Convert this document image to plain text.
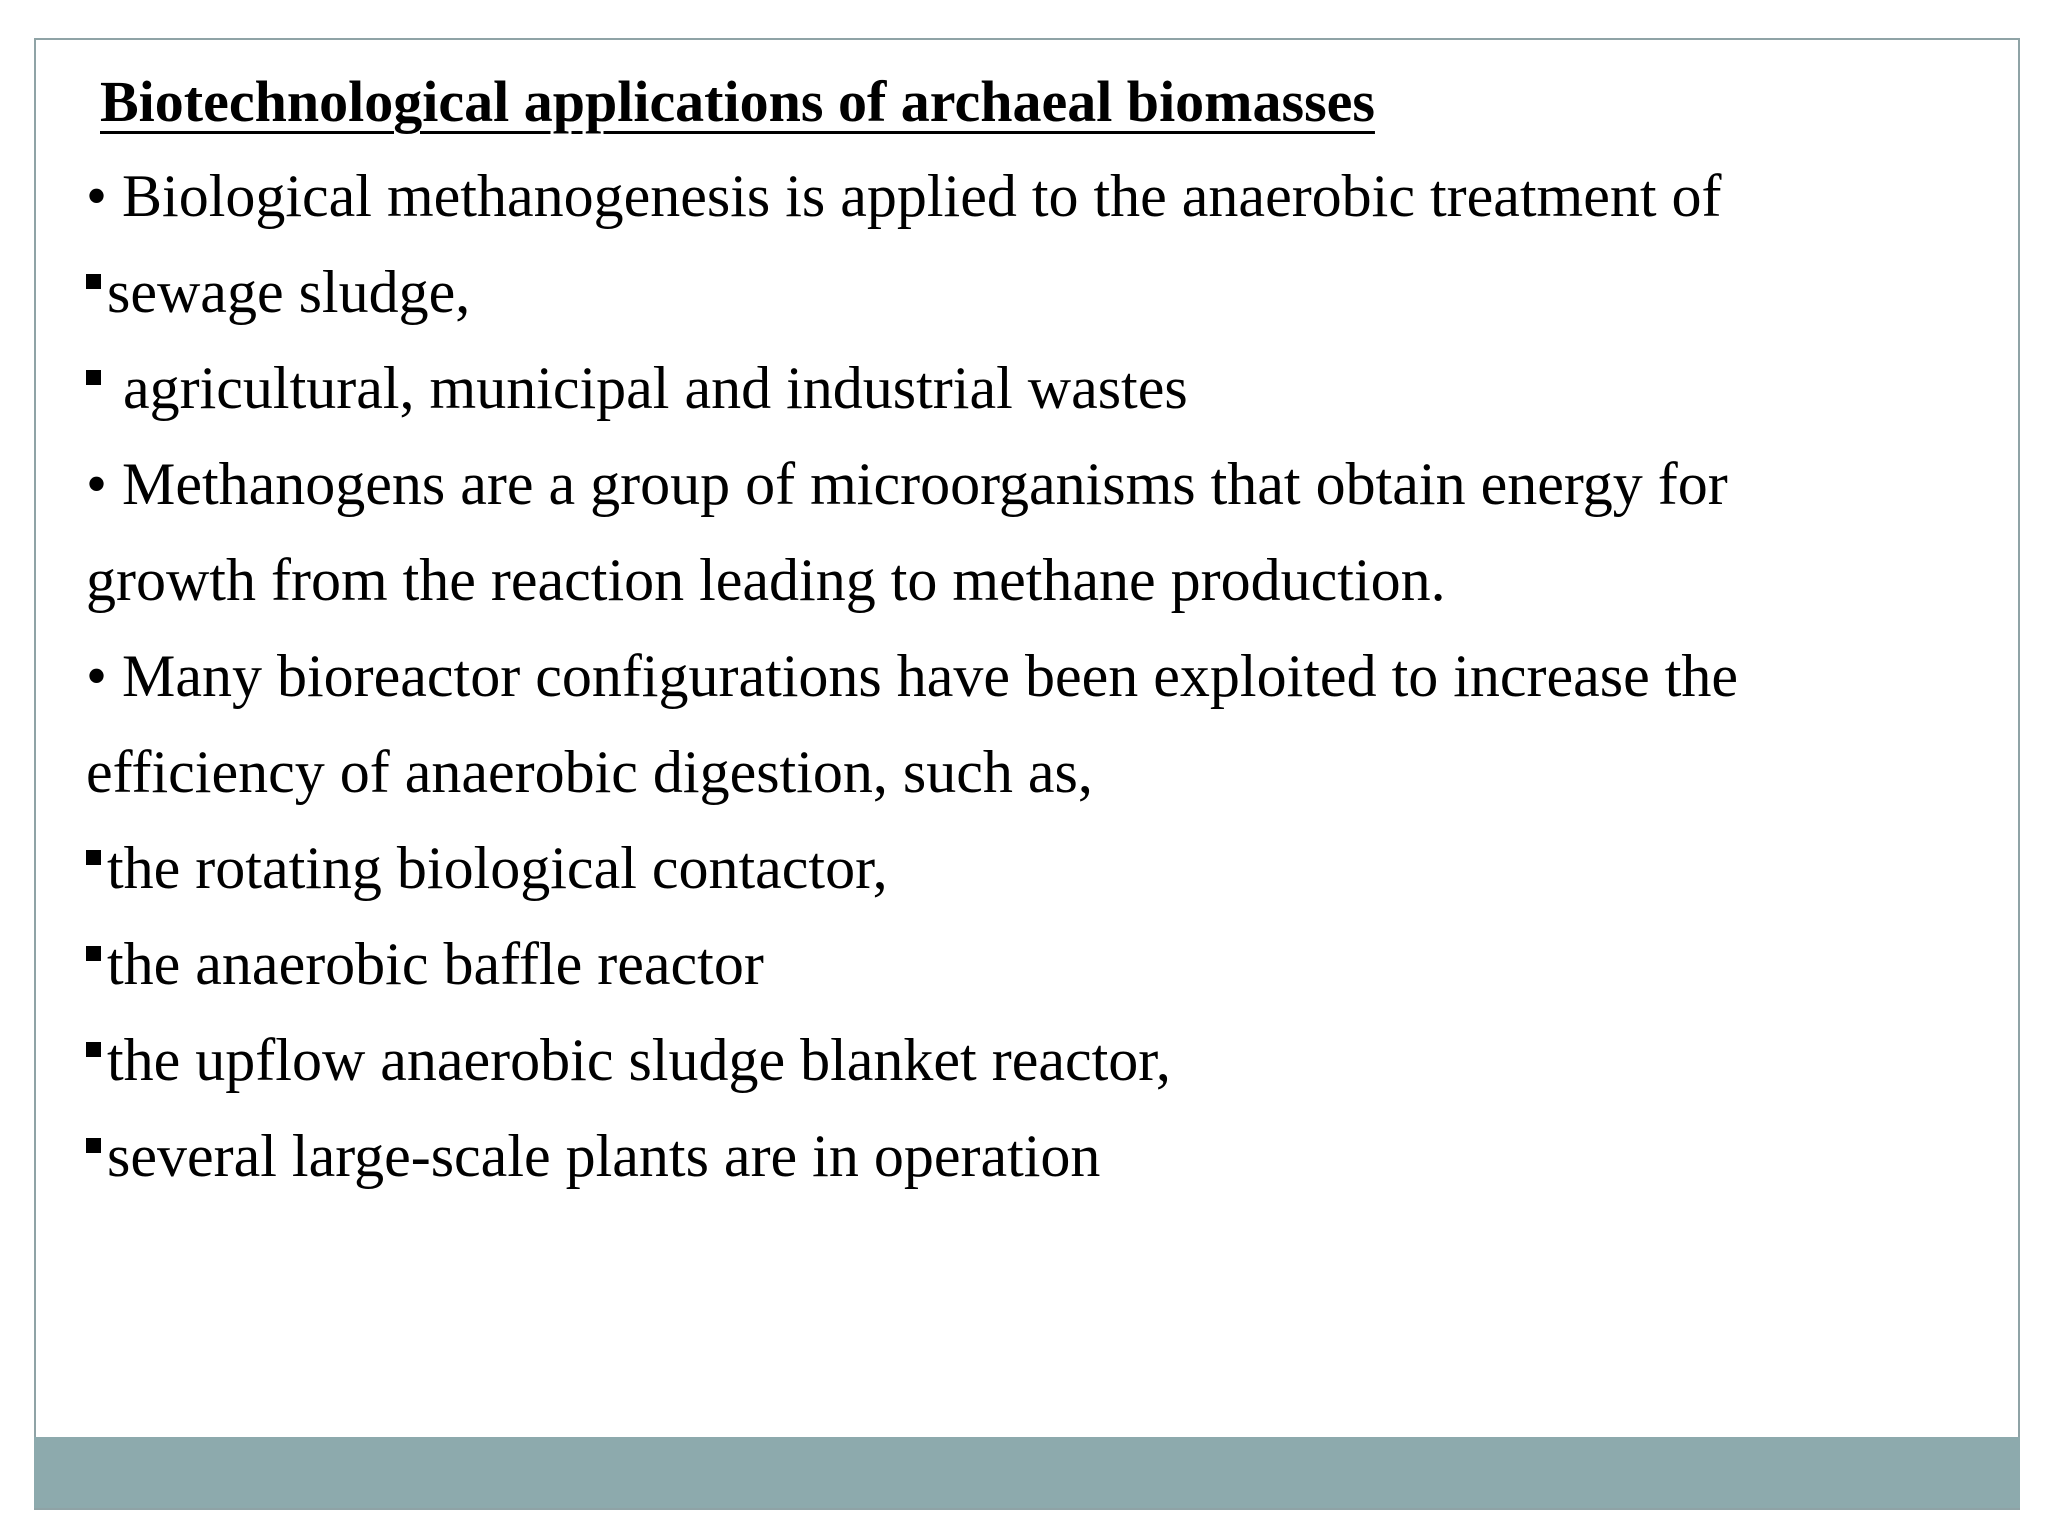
Biotechnological applications of archaeal biomasses
• Biological methanogenesis is applied to the anaerobic treatment of
sewage sludge,
agricultural, municipal and industrial wastes
• Methanogens are a group of microorganisms that obtain energy for
growth from the reaction leading to methane production.
• Many bioreactor configurations have been exploited to increase the
efficiency of anaerobic digestion, such as,
the rotating biological contactor,
the anaerobic baffle reactor
the upflow anaerobic sludge blanket reactor,
several large-scale plants are in operation
